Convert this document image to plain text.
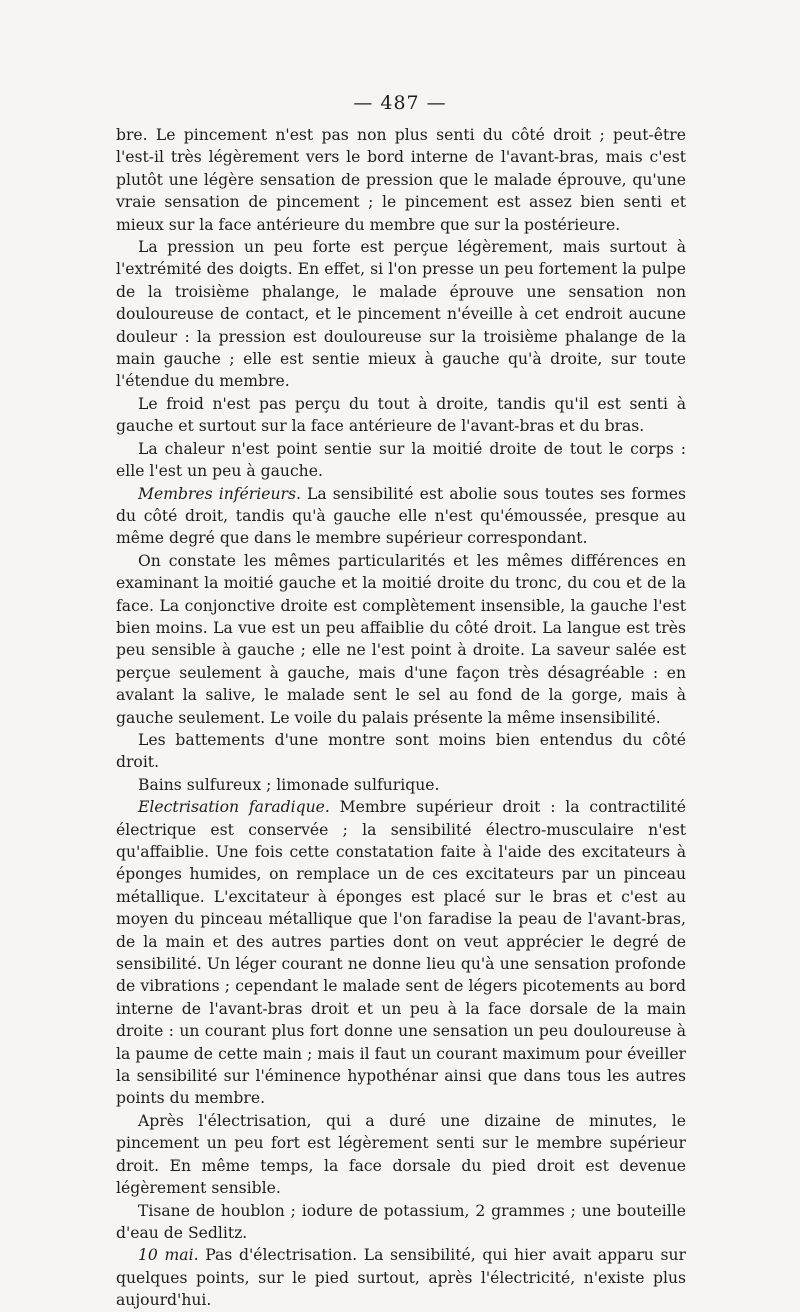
— 487 —

bre. Le pincement n'est pas non plus senti du côté droit ; peut-être l'est-il très légèrement vers le bord interne de l'avant-bras, mais c'est plutôt une légère sensation de pression que le malade éprouve, qu'une vraie sensation de pincement ; le pincement est assez bien senti et mieux sur la face antérieure du membre que sur la postérieure.

La pression un peu forte est perçue légèrement, mais surtout à l'extrémité des doigts. En effet, si l'on presse un peu fortement la pulpe de la troisième phalange, le malade éprouve une sensation non douloureuse de contact, et le pincement n'éveille à cet endroit aucune douleur : la pression est douloureuse sur la troisième phalange de la main gauche ; elle est sentie mieux à gauche qu'à droite, sur toute l'étendue du membre.

Le froid n'est pas perçu du tout à droite, tandis qu'il est senti à gauche et surtout sur la face antérieure de l'avant-bras et du bras.

La chaleur n'est point sentie sur la moitié droite de tout le corps : elle l'est un peu à gauche.

Membres inférieurs. La sensibilité est abolie sous toutes ses formes du côté droit, tandis qu'à gauche elle n'est qu'émoussée, presque au même degré que dans le membre supérieur correspondant.

On constate les mêmes particularités et les mêmes différences en examinant la moitié gauche et la moitié droite du tronc, du cou et de la face. La conjonctive droite est complètement insensible, la gauche l'est bien moins. La vue est un peu affaiblie du côté droit. La langue est très peu sensible à gauche ; elle ne l'est point à droite. La saveur salée est perçue seulement à gauche, mais d'une façon très désagréable : en avalant la salive, le malade sent le sel au fond de la gorge, mais à gauche seulement. Le voile du palais présente la même insensibilité.

Les battements d'une montre sont moins bien entendus du côté droit.

Bains sulfureux ; limonade sulfurique.

Electrisation faradique. Membre supérieur droit : la contractilité électrique est conservée ; la sensibilité électro-musculaire n'est qu'affaiblie. Une fois cette constatation faite à l'aide des excitateurs à éponges humides, on remplace un de ces excitateurs par un pinceau métallique. L'excitateur à éponges est placé sur le bras et c'est au moyen du pinceau métallique que l'on faradise la peau de l'avant-bras, de la main et des autres parties dont on veut apprécier le degré de sensibilité. Un léger courant ne donne lieu qu'à une sensation profonde de vibrations ; cependant le malade sent de légers picotements au bord interne de l'avant-bras droit et un peu à la face dorsale de la main droite : un courant plus fort donne une sensation un peu douloureuse à la paume de cette main ; mais il faut un courant maximum pour éveiller la sensibilité sur l'éminence hypothénar ainsi que dans tous les autres points du membre.

Après l'électrisation, qui a duré une dizaine de minutes, le pincement un peu fort est légèrement senti sur le membre supérieur droit. En même temps, la face dorsale du pied droit est devenue légèrement sensible.

Tisane de houblon ; iodure de potassium, 2 grammes ; une bouteille d'eau de Sedlitz.

10 mai. Pas d'électrisation. La sensibilité, qui hier avait apparu sur quelques points, sur le pied surtout, après l'électricité, n'existe plus aujourd'hui.
